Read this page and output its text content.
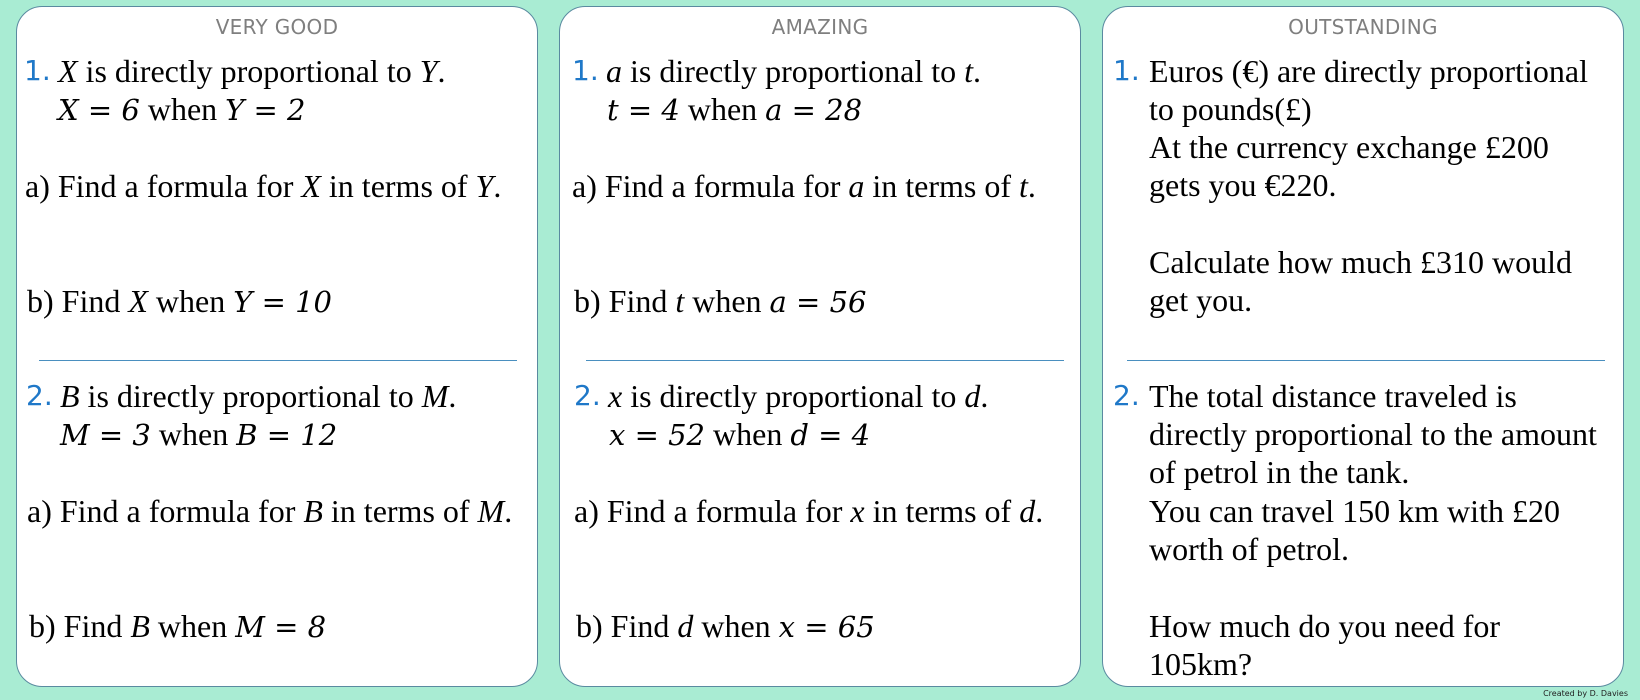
VERY GOOD
1. X is directly proportional to Y.
X = 6 when Y = 2
a) Find a formula for X in terms of Y.
b) Find X when Y = 10
2. B is directly proportional to M.
M = 3 when B = 12
a) Find a formula for B in terms of M.
b) Find B when M = 8
AMAZING
1. a is directly proportional to t.
t = 4 when a = 28
a) Find a formula for a in terms of t.
b) Find t when a = 56
2. x is directly proportional to d.
x = 52 when d = 4
a) Find a formula for x in terms of d.
b) Find d when x = 65
OUTSTANDING
1. Euros (€) are directly proportional
to pounds(£)
At the currency exchange £200
gets you €220.
Calculate how much £310 would
get you.
2. The total distance traveled is
directly proportional to the amount
of petrol in the tank.
You can travel 150 km with £20
worth of petrol.
How much do you need for
105km?
Created by D. Davies
